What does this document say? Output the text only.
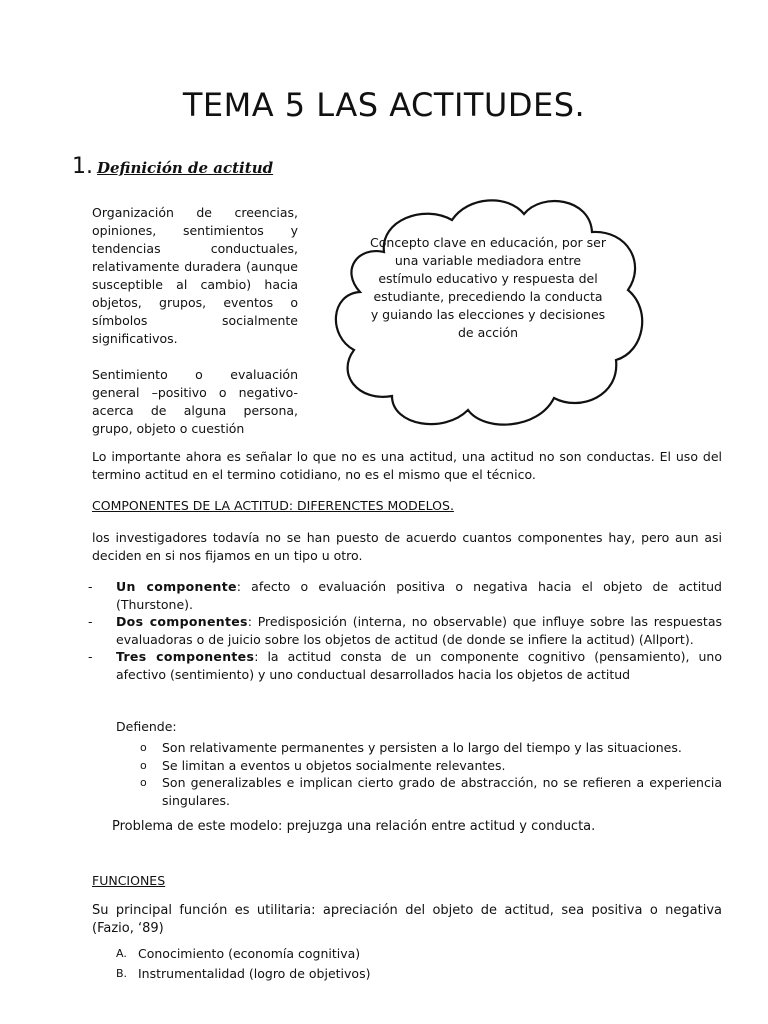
TEMA 5 LAS ACTITUDES.
1. Definición de actitud

Organización de creencias, opiniones, sentimientos y tendencias conductuales, relativamente duradera (aunque susceptible al cambio) hacia objetos, grupos, eventos o símbolos socialmente significativos.

Sentimiento o evaluación general –positivo o negativo- acerca de alguna persona, grupo, objeto o cuestión

Concepto clave en educación, por ser una variable mediadora entre estímulo educativo y respuesta del estudiante, precediendo la conducta y guiando las elecciones y decisiones de acción

Lo importante ahora es señalar lo que no es una actitud, una actitud no son conductas. El uso del termino actitud en el termino cotidiano, no es el mismo que el técnico.

COMPONENTES DE LA ACTITUD: DIFERENCTES MODELOS.

los investigadores todavía no se han puesto de acuerdo cuantos componentes hay, pero aun asi deciden en si nos fijamos en un tipo u otro.

- Un componente: afecto o evaluación positiva o negativa hacia el objeto de actitud (Thurstone).
- Dos componentes: Predisposición (interna, no observable) que influye sobre las respuestas evaluadoras o de juicio sobre los objetos de actitud (de donde se infiere la actitud) (Allport).
- Tres componentes: la actitud consta de un componente cognitivo (pensamiento), uno afectivo (sentimiento) y uno conductual desarrollados hacia los objetos de actitud
Defiende:
o Son relativamente permanentes y persisten a lo largo del tiempo y las situaciones.
o Se limitan a eventos u objetos socialmente relevantes.
o Son generalizables e implican cierto grado de abstracción, no se refieren a experiencia singulares.
Problema de este modelo: prejuzga una relación entre actitud y conducta.
FUNCIONES

Su principal función es utilitaria: apreciación del objeto de actitud, sea positiva o negativa (Fazio, ‘89)

A. Conocimiento (economía cognitiva)
B. Instrumentalidad (logro de objetivos)
